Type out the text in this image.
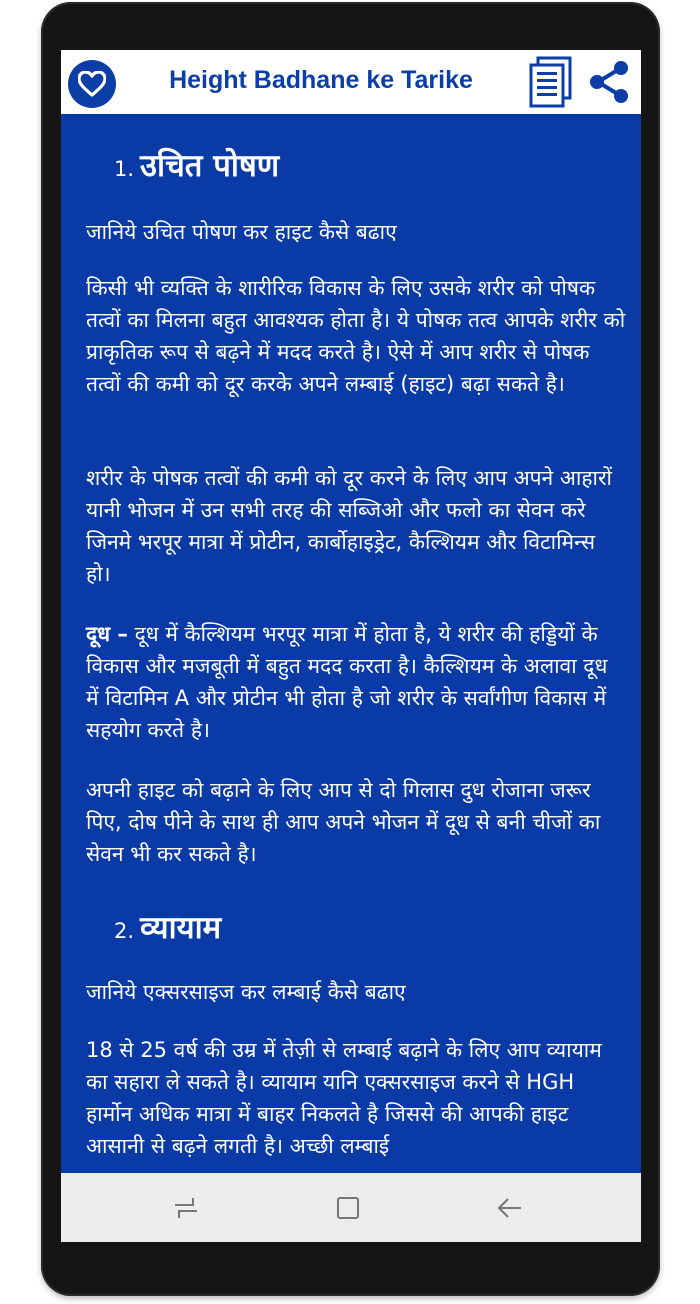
Height Badhane ke Tarike
1. उचित पोषण

जानिये उचित पोषण कर हाइट कैसे बढाए

किसी भी व्यक्ति के शारीरिक विकास के लिए उसके शरीर को पोषक तत्वों का मिलना बहुत आवश्यक होता है। ये पोषक तत्व आपके शरीर को प्राकृतिक रूप से बढ़ने में मदद करते है। ऐसे में आप शरीर से पोषक तत्वों की कमी को दूर करके अपने लम्बाई (हाइट) बढ़ा सकते है।

शरीर के पोषक तत्वों की कमी को दूर करने के लिए आप अपने आहारों यानी भोजन में उन सभी तरह की सब्जिओ और फलो का सेवन करे जिनमे भरपूर मात्रा में प्रोटीन, कार्बोहाइड्रेट, कैल्शियम और विटामिन्स हो।

दूध – दूध में कैल्शियम भरपूर मात्रा में होता है, ये शरीर की हड्डियों के विकास और मजबूती में बहुत मदद करता है। कैल्शियम के अलावा दूध में विटामिन A और प्रोटीन भी होता है जो शरीर के सर्वांगीण विकास में सहयोग करते है।

अपनी हाइट को बढ़ाने के लिए आप से दो गिलास दुध रोजाना जरूर पिए, दोष पीने के साथ ही आप अपने भोजन में दूध से बनी चीजों का सेवन भी कर सकते है।

2. व्यायाम

जानिये एक्सरसाइज कर लम्बाई कैसे बढाए

18 से 25 वर्ष की उम्र में तेज़ी से लम्बाई बढ़ाने के लिए आप व्यायाम का सहारा ले सकते है। व्यायाम यानि एक्सरसाइज करने से HGH हार्मोन अधिक मात्रा में बाहर निकलते है जिससे की आपकी हाइट आसानी से बढ़ने लगती है। अच्छी लम्बाई
